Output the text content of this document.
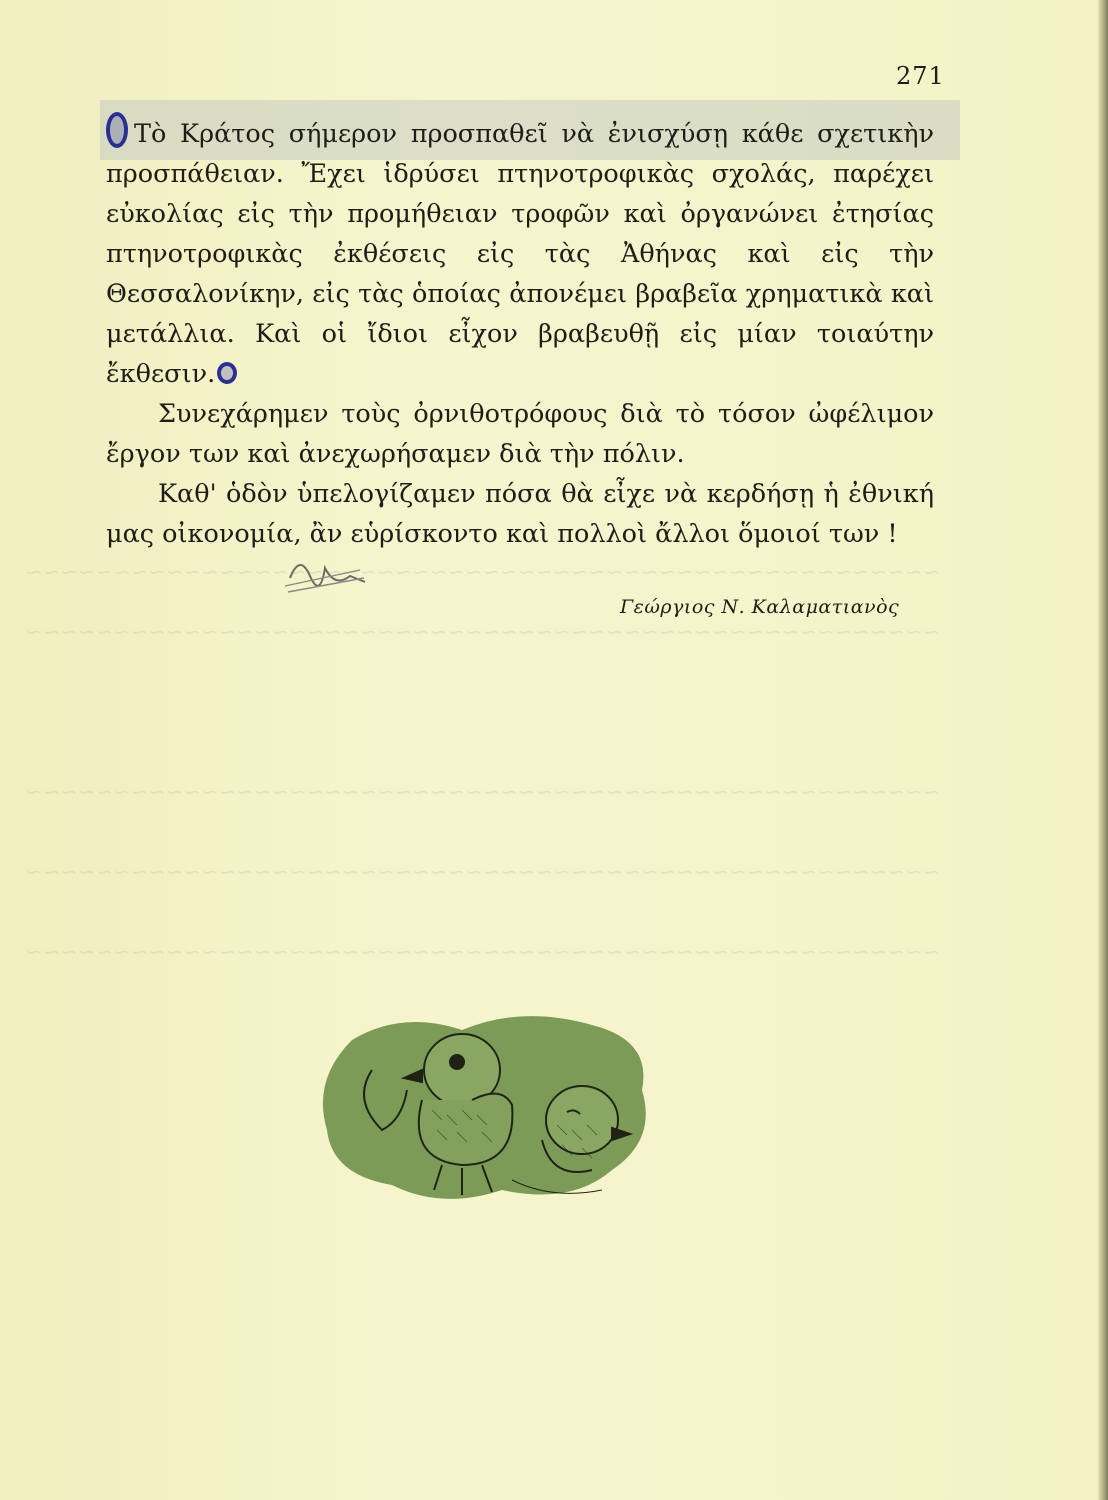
~~~~~~~~~~~~~~~~~~~~~~~~~~~~~~~~~~~~~~~~~~~~~~~~~~~~
~~~~~~~~~~~~~~~~~~~~~~~~~~~~~~~~~~~~~~~~~~~~~~~~~~~~
~~~~~~~~~~~~~~~~~~~~~~~~~~~~~~~~~~~~~~~~~~~~~~~~~~~~
~~~~~~~~~~~~~~~~~~~~~~~~~~~~~~~~~~~~~~~~~~~~~~~~~~~~
~~~~~~~~~~~~~~~~~~~~~~~~~~~~~~~~~~~~~~~~~~~~~~~~~~~~
271

Τὸ Κράτος σήμερον προσπαθεῖ νὰ ἐνισχύσῃ κάθε σχετικὴν προσπάθειαν. Ἔχει ἱδρύσει πτηνοτροφικὰς σχολάς, παρέχει εὐκολίας εἰς τὴν προμήθειαν τροφῶν καὶ ὀργανώνει ἐτησίας πτηνοτροφικὰς ἐκθέσεις εἰς τὰς Ἀθήνας καὶ εἰς τὴν Θεσσαλονίκην, εἰς τὰς ὁποίας ἀπονέμει βραβεῖα χρηματικὰ καὶ μετάλλια. Καὶ οἱ ἴδιοι εἶχον βραβευθῇ εἰς μίαν τοιαύτην ἔκθεσιν.

Συνεχάρημεν τοὺς ὀρνιθοτρόφους διὰ τὸ τόσον ὠφέλιμον ἔργον των καὶ ἀνεχωρήσαμεν διὰ τὴν πόλιν.

Καθ' ὁδὸν ὑπελογίζαμεν πόσα θὰ εἶχε νὰ κερδήσῃ ἡ ἐθνική μας οἰκονομία, ἂν εὑρίσκοντο καὶ πολλοὶ ἄλλοι ὅμοιοί των !

Γεώργιος Ν. Καλαματιανὸς
